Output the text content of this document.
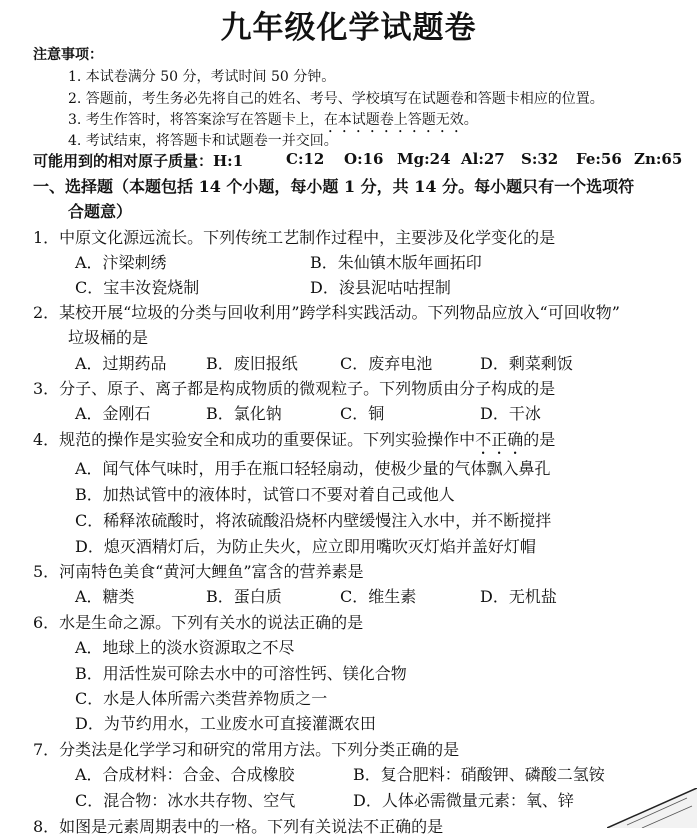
九年级化学试题卷
注意事项：
1. 本试卷满分 50 分，考试时间 50 分钟。
2. 答题前，考生务必先将自己的姓名、考号、学校填写在试题卷和答题卡相应的位置。
3. 考生作答时，将答案涂写在答题卡上，在本试题卷上答题无效。
4. 考试结束，将答题卡和试题卷一并交回。
可能用到的相对原子质量：H:1	C:12 O:16 Mg:24 Al:27 S:32 Fe:56 Zn:65
一、选择题（本题包括 14 个小题，每小题 1 分，共 14 分。每小题只有一个选项符
合题意）
1．中原文化源远流长。下列传统工艺制作过程中，主要涉及化学变化的是
A．汴梁刺绣	B．朱仙镇木版年画拓印
C．宝丰汝瓷烧制	D．浚县泥咕咕捏制
2．某校开展“垃圾的分类与回收利用”跨学科实践活动。下列物品应放入“可回收物”
垃圾桶的是
A．过期药品 B．废旧报纸	C．废弃电池	D．剩菜剩饭
3．分子、原子、离子都是构成物质的微观粒子。下列物质由分子构成的是
A．金刚石	B．氯化钠	C．铜	D．干冰
4．规范的操作是实验安全和成功的重要保证。下列实验操作中不正确的是
A．闻气体气味时，用手在瓶口轻轻扇动，使极少量的气体飘入鼻孔
B．加热试管中的液体时，试管口不要对着自己或他人
C．稀释浓硫酸时，将浓硫酸沿烧杯内壁缓慢注入水中，并不断搅拌
D．熄灭酒精灯后，为防止失火，应立即用嘴吹灭灯焰并盖好灯帽
5．河南特色美食“黄河大鲤鱼”富含的营养素是
A．糖类	B．蛋白质	C．维生素	D．无机盐
6．水是生命之源。下列有关水的说法正确的是
A．地球上的淡水资源取之不尽
B．用活性炭可除去水中的可溶性钙、镁化合物
C．水是人体所需六类营养物质之一
D．为节约用水，工业废水可直接灌溉农田
7．分类法是化学学习和研究的常用方法。下列分类正确的是
A．合成材料：合金、合成橡胶	B．复合肥料：硝酸钾、磷酸二氢铵
C．混合物：冰水共存物、空气	D．人体必需微量元素：氧、锌
8．如图是元素周期表中的一格。下列有关说法不正确的是
